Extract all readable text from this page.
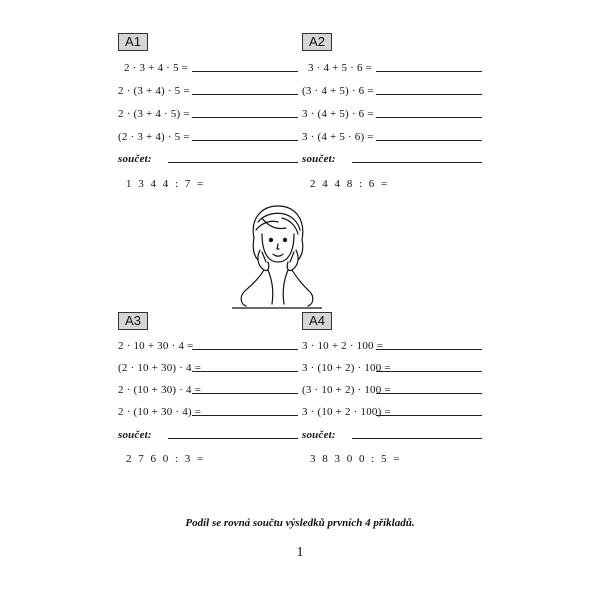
A1
2 · 3 + 4 · 5 =
2 · (3 + 4) · 5 =
2 · (3 + 4 · 5) =
(2 · 3 + 4) · 5 =
součet:
1 3 4 4 : 7 =
A2
3 · 4 + 5 · 6 =
(3 · 4 + 5) · 6 =
3 · (4 + 5) · 6 =
3 · (4 + 5 · 6) =
součet:
2 4 4 8 : 6 =
A3
2 · 10 + 30 · 4 =
(2 · 10 + 30) · 4 =
2 · (10 + 30) · 4 =
2 · (10 + 30 · 4) =
součet:
2 7 6 0 : 3 =
A4
3 · 10 + 2 · 100 =
3 · (10 + 2) · 100 =
(3 · 10 + 2) · 100 =
3 · (10 + 2 · 100) =
součet:
3 8 3 0 0 : 5 =
Podíl se rovná součtu výsledků prvních 4 příkladů.
1
